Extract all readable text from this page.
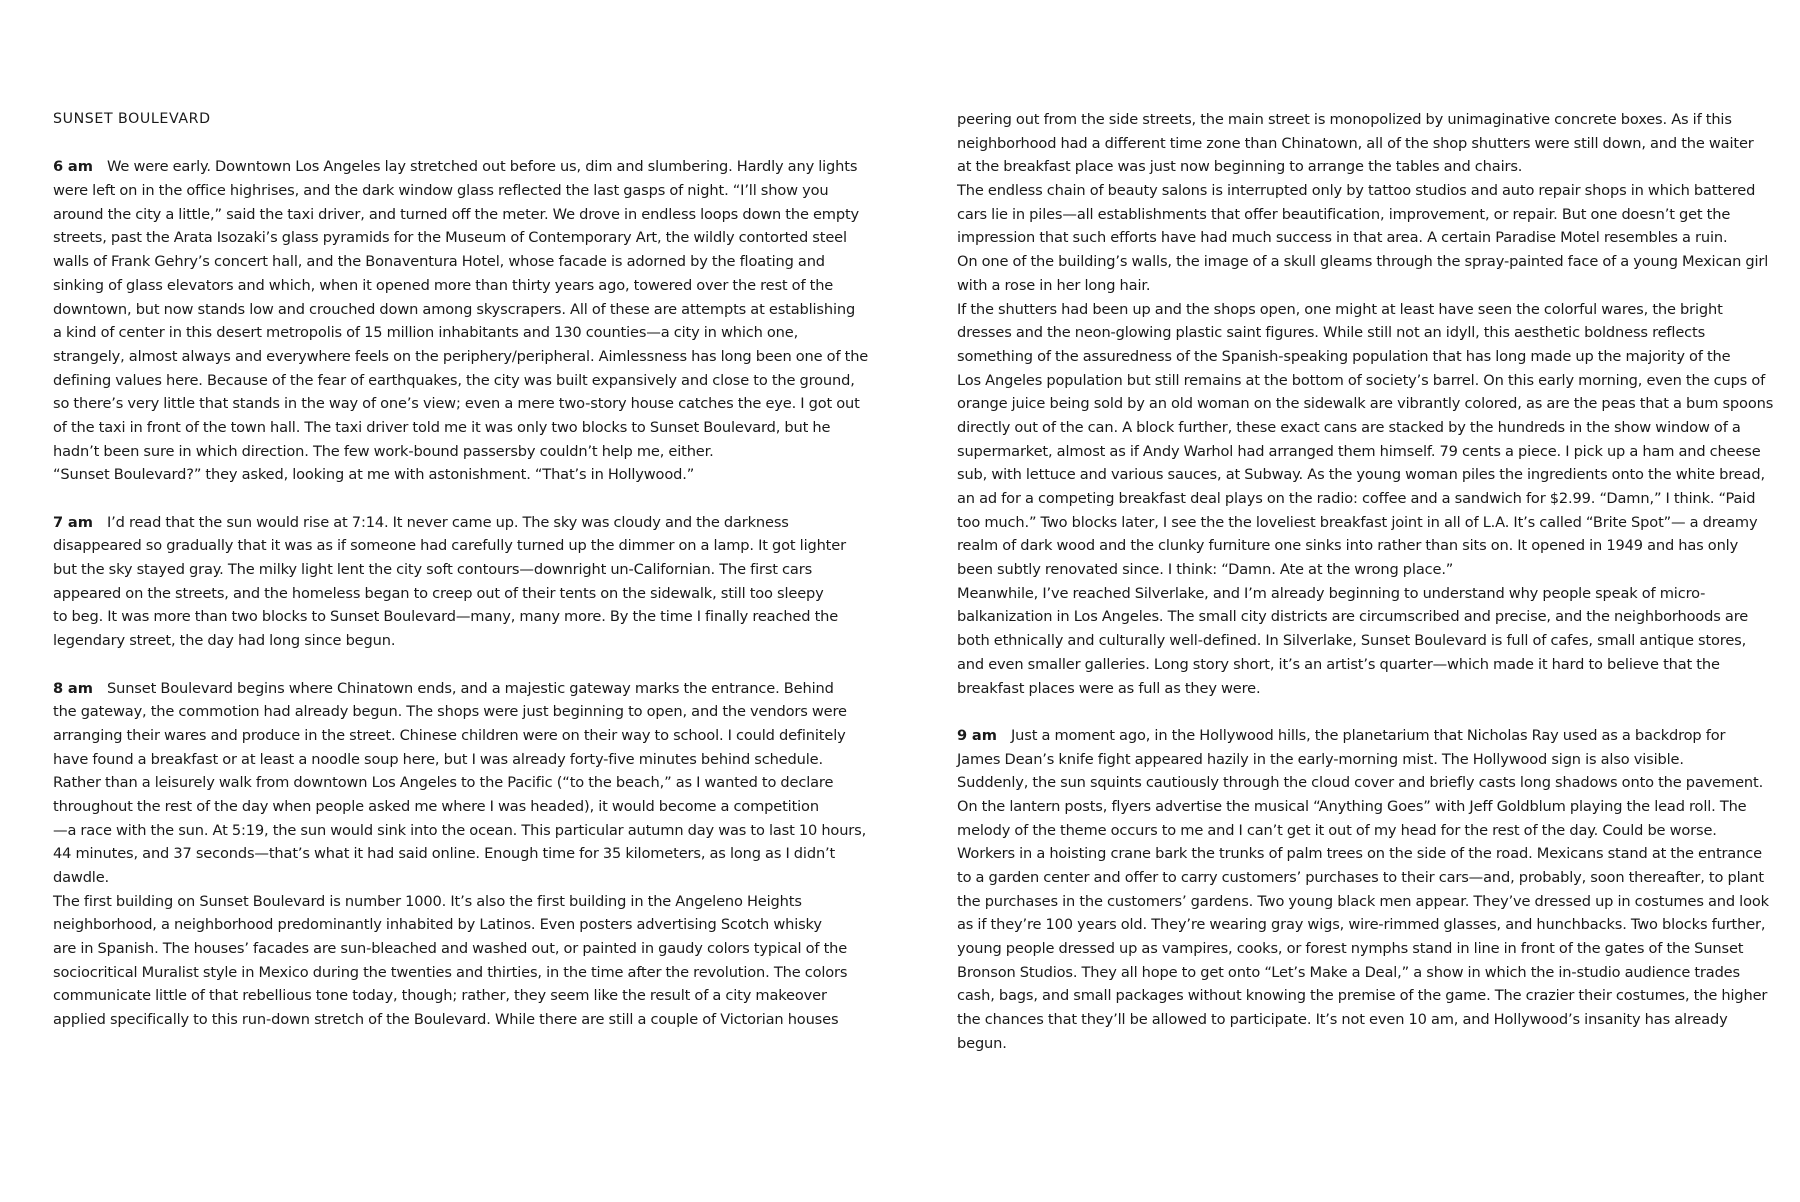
SUNSET BOULEVARD
6 am We were early. Downtown Los Angeles lay stretched out before us, dim and slumbering. Hardly any lights
were left on in the office highrises, and the dark window glass reflected the last gasps of night. “I’ll show you
around the city a little,” said the taxi driver, and turned off the meter. We drove in endless loops down the empty
streets, past the Arata Isozaki’s glass pyramids for the Museum of Contemporary Art, the wildly contorted steel
walls of Frank Gehry’s concert hall, and the Bonaventura Hotel, whose facade is adorned by the floating and
sinking of glass elevators and which, when it opened more than thirty years ago, towered over the rest of the
downtown, but now stands low and crouched down among skyscrapers. All of these are attempts at establishing
a kind of center in this desert metropolis of 15 million inhabitants and 130 counties—a city in which one,
strangely, almost always and everywhere feels on the periphery/peripheral. Aimlessness has long been one of the
defining values here. Because of the fear of earthquakes, the city was built expansively and close to the ground,
so there’s very little that stands in the way of one’s view; even a mere two-story house catches the eye. I got out
of the taxi in front of the town hall. The taxi driver told me it was only two blocks to Sunset Boulevard, but he
hadn’t been sure in which direction. The few work-bound passersby couldn’t help me, either.
“Sunset Boulevard?” they asked, looking at me with astonishment. “That’s in Hollywood.”
7 am I’d read that the sun would rise at 7:14. It never came up. The sky was cloudy and the darkness
disappeared so gradually that it was as if someone had carefully turned up the dimmer on a lamp. It got lighter
but the sky stayed gray. The milky light lent the city soft contours—downright un-Californian. The first cars
appeared on the streets, and the homeless began to creep out of their tents on the sidewalk, still too sleepy
to beg. It was more than two blocks to Sunset Boulevard—many, many more. By the time I finally reached the
legendary street, the day had long since begun.
8 am Sunset Boulevard begins where Chinatown ends, and a majestic gateway marks the entrance. Behind
the gateway, the commotion had already begun. The shops were just beginning to open, and the vendors were
arranging their wares and produce in the street. Chinese children were on their way to school. I could definitely
have found a breakfast or at least a noodle soup here, but I was already forty-five minutes behind schedule.
Rather than a leisurely walk from downtown Los Angeles to the Pacific (“to the beach,” as I wanted to declare
throughout the rest of the day when people asked me where I was headed), it would become a competition
—a race with the sun. At 5:19, the sun would sink into the ocean. This particular autumn day was to last 10 hours,
44 minutes, and 37 seconds—that’s what it had said online. Enough time for 35 kilometers, as long as I didn’t
dawdle.
The first building on Sunset Boulevard is number 1000. It’s also the first building in the Angeleno Heights
neighborhood, a neighborhood predominantly inhabited by Latinos. Even posters advertising Scotch whisky
are in Spanish. The houses’ facades are sun-bleached and washed out, or painted in gaudy colors typical of the
sociocritical Muralist style in Mexico during the twenties and thirties, in the time after the revolution. The colors
communicate little of that rebellious tone today, though; rather, they seem like the result of a city makeover
applied specifically to this run-down stretch of the Boulevard. While there are still a couple of Victorian houses
peering out from the side streets, the main street is monopolized by unimaginative concrete boxes. As if this
neighborhood had a different time zone than Chinatown, all of the shop shutters were still down, and the waiter
at the breakfast place was just now beginning to arrange the tables and chairs.
The endless chain of beauty salons is interrupted only by tattoo studios and auto repair shops in which battered
cars lie in piles—all establishments that offer beautification, improvement, or repair. But one doesn’t get the
impression that such efforts have had much success in that area. A certain Paradise Motel resembles a ruin.
On one of the building’s walls, the image of a skull gleams through the spray-painted face of a young Mexican girl
with a rose in her long hair.
If the shutters had been up and the shops open, one might at least have seen the colorful wares, the bright
dresses and the neon-glowing plastic saint figures. While still not an idyll, this aesthetic boldness reflects
something of the assuredness of the Spanish-speaking population that has long made up the majority of the
Los Angeles population but still remains at the bottom of society’s barrel. On this early morning, even the cups of
orange juice being sold by an old woman on the sidewalk are vibrantly colored, as are the peas that a bum spoons
directly out of the can. A block further, these exact cans are stacked by the hundreds in the show window of a
supermarket, almost as if Andy Warhol had arranged them himself. 79 cents a piece. I pick up a ham and cheese
sub, with lettuce and various sauces, at Subway. As the young woman piles the ingredients onto the white bread,
an ad for a competing breakfast deal plays on the radio: coffee and a sandwich for $2.99. “Damn,” I think. “Paid
too much.” Two blocks later, I see the the loveliest breakfast joint in all of L.A. It’s called “Brite Spot”— a dreamy
realm of dark wood and the clunky furniture one sinks into rather than sits on. It opened in 1949 and has only
been subtly renovated since. I think: “Damn. Ate at the wrong place.”
Meanwhile, I’ve reached Silverlake, and I’m already beginning to understand why people speak of micro-
balkanization in Los Angeles. The small city districts are circumscribed and precise, and the neighborhoods are
both ethnically and culturally well-defined. In Silverlake, Sunset Boulevard is full of cafes, small antique stores,
and even smaller galleries. Long story short, it’s an artist’s quarter—which made it hard to believe that the
breakfast places were as full as they were.
9 am Just a moment ago, in the Hollywood hills, the planetarium that Nicholas Ray used as a backdrop for
James Dean’s knife fight appeared hazily in the early-morning mist. The Hollywood sign is also visible.
Suddenly, the sun squints cautiously through the cloud cover and briefly casts long shadows onto the pavement.
On the lantern posts, flyers advertise the musical “Anything Goes” with Jeff Goldblum playing the lead roll. The
melody of the theme occurs to me and I can’t get it out of my head for the rest of the day. Could be worse.
Workers in a hoisting crane bark the trunks of palm trees on the side of the road. Mexicans stand at the entrance
to a garden center and offer to carry customers’ purchases to their cars—and, probably, soon thereafter, to plant
the purchases in the customers’ gardens. Two young black men appear. They’ve dressed up in costumes and look
as if they’re 100 years old. They’re wearing gray wigs, wire-rimmed glasses, and hunchbacks. Two blocks further,
young people dressed up as vampires, cooks, or forest nymphs stand in line in front of the gates of the Sunset
Bronson Studios. They all hope to get onto “Let’s Make a Deal,” a show in which the in-studio audience trades
cash, bags, and small packages without knowing the premise of the game. The crazier their costumes, the higher
the chances that they’ll be allowed to participate. It’s not even 10 am, and Hollywood’s insanity has already
begun.
